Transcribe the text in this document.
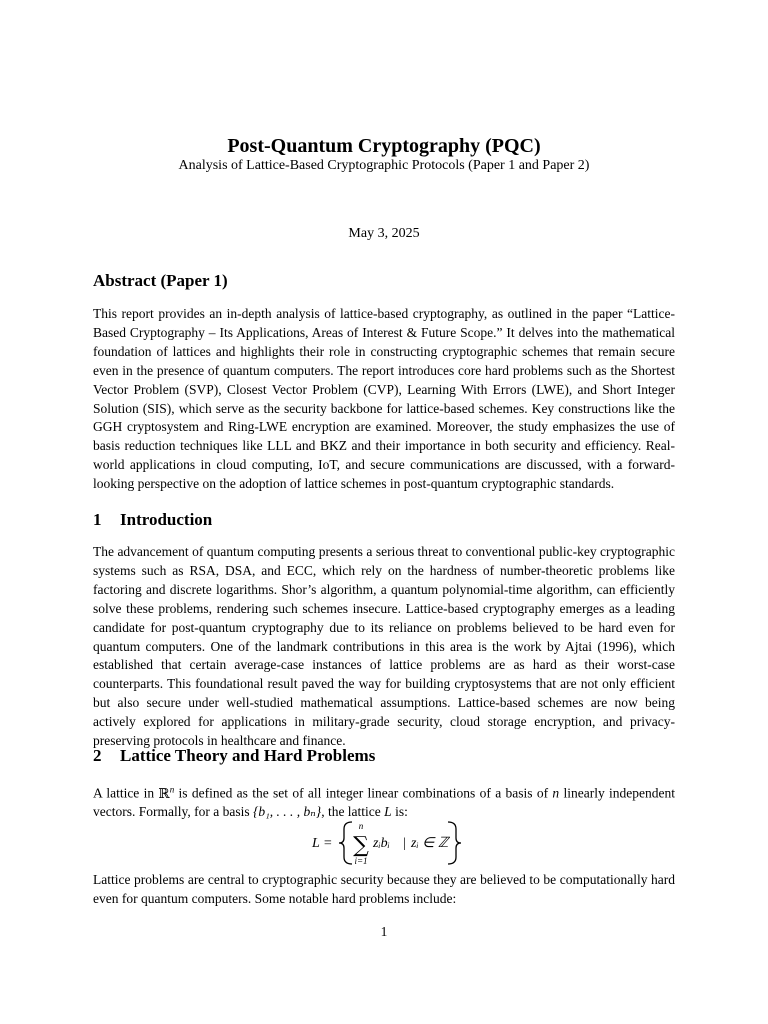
Post-Quantum Cryptography (PQC)
Analysis of Lattice-Based Cryptographic Protocols (Paper 1 and Paper 2)
May 3, 2025
Abstract (Paper 1)

This report provides an in-depth analysis of lattice-based cryptography, as outlined in the paper “Lattice-Based Cryptography – Its Applications, Areas of Interest & Future Scope.” It delves into the mathematical foundation of lattices and highlights their role in constructing cryptographic schemes that remain secure even in the presence of quantum computers. The report introduces core hard problems such as the Shortest Vector Problem (SVP), Closest Vector Problem (CVP), Learning With Errors (LWE), and Short Integer Solution (SIS), which serve as the security backbone for lattice-based schemes. Key constructions like the GGH cryptosystem and Ring-LWE encryption are examined. Moreover, the study emphasizes the use of basis reduction techniques like LLL and BKZ and their importance in both security and efficiency. Real-world applications in cloud computing, IoT, and secure communications are discussed, with a forward-looking perspective on the adoption of lattice schemes in post-quantum cryptographic standards.

1 Introduction

The advancement of quantum computing presents a serious threat to conventional public-key cryptographic systems such as RSA, DSA, and ECC, which rely on the hardness of number-theoretic problems like factoring and discrete logarithms. Shor’s algorithm, a quantum polynomial-time algorithm, can efficiently solve these problems, rendering such schemes insecure. Lattice-based cryptography emerges as a leading candidate for post-quantum cryptography due to its reliance on problems believed to be hard even for quantum computers. One of the landmark contributions in this area is the work by Ajtai (1996), which established that certain average-case instances of lattice problems are as hard as their worst-case counterparts. This foundational result paved the way for building cryptosystems that are not only efficient but also secure under well-studied mathematical assumptions. Lattice-based schemes are now being actively explored for applications in military-grade security, cloud storage encryption, and privacy-preserving protocols in healthcare and finance.

2 Lattice Theory and Hard Problems

A lattice in ℝ$^n$ is defined as the set of all integer linear combinations of a basis of n linearly independent vectors. Formally, for a basis {b₁, . . . , bₙ}, the lattice L is:

L =
n
∑
i=1
zᵢbᵢ | zᵢ ∈ ℤ

Lattice problems are central to cryptographic security because they are believed to be computationally hard even for quantum computers. Some notable hard problems include:

1
